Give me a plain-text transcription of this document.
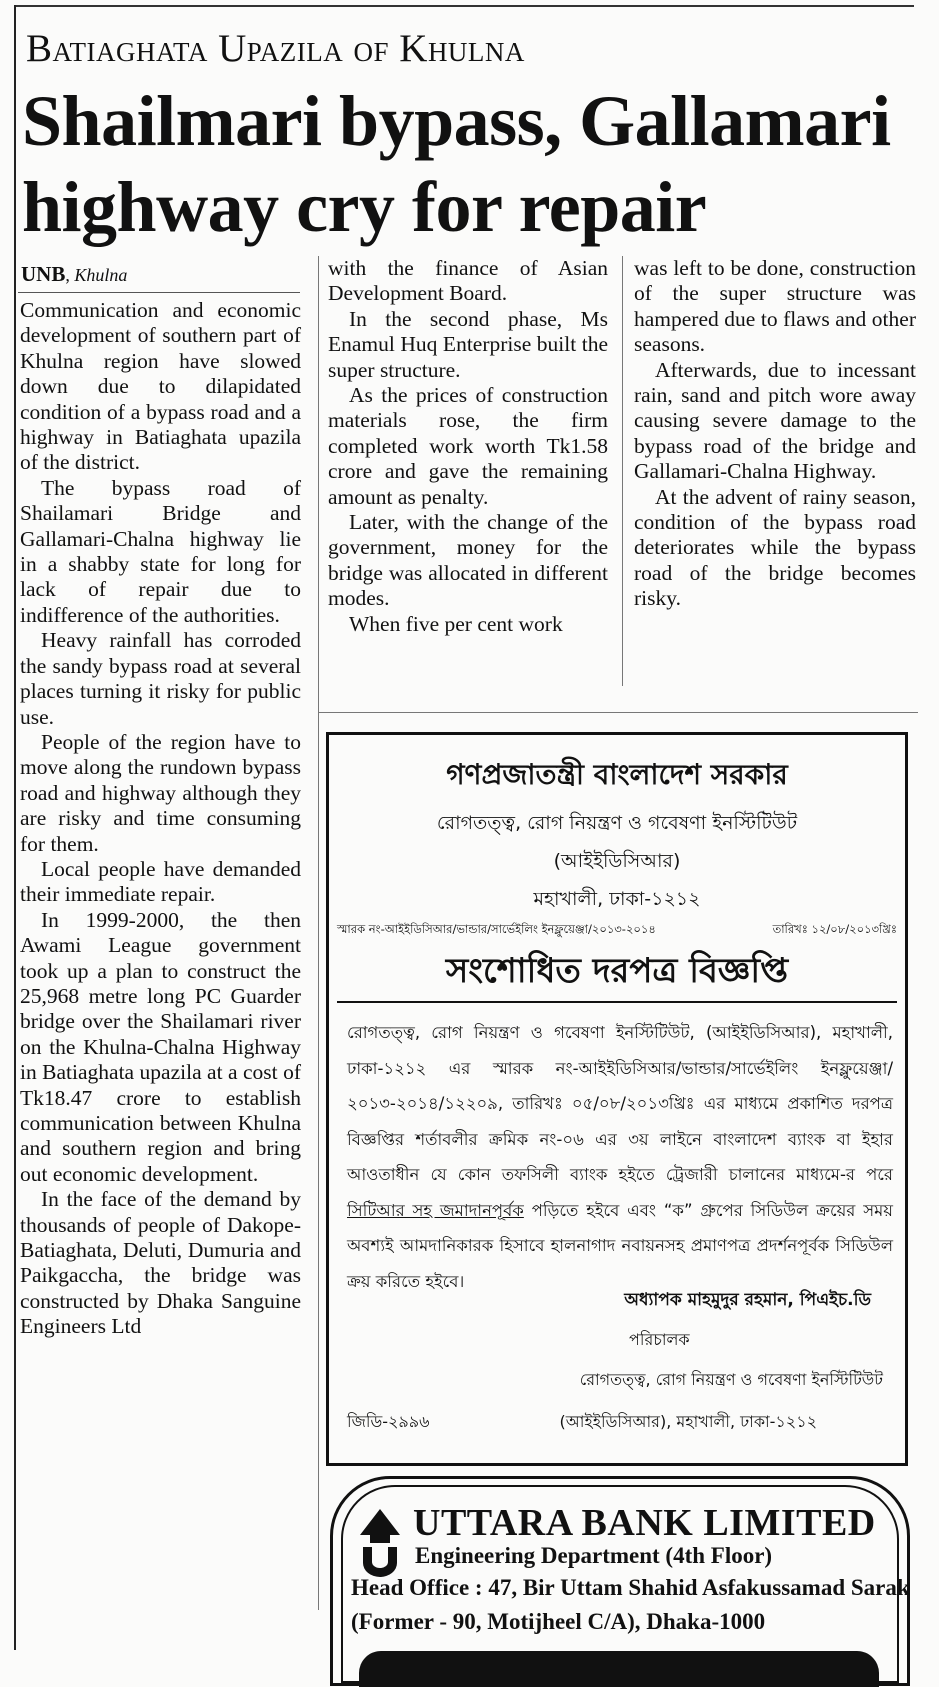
Batiaghata Upazila of Khulna
Shailmari bypass, Gallamari
highway cry for repair
UNB, Khulna

Communication and economic development of southern part of Khulna region have slowed down due to dilapidated condition of a bypass road and a highway in Batiaghata upazila of the district.

The bypass road of Shailamari Bridge and Gallamari-Chalna highway lie in a shabby state for long for lack of repair due to indifference of the authorities.

Heavy rainfall has corroded the sandy bypass road at several places turning it risky for public use.

People of the region have to move along the rundown bypass road and highway although they are risky and time consuming for them.

Local people have demanded their immediate repair.

In 1999-2000, the then Awami League government took up a plan to construct the 25,968 metre long PC Guarder bridge over the Shailamari river on the Khulna-Chalna Highway in Batiaghata upazila at a cost of Tk18.47 crore to establish communication between Khulna and southern region and bring out economic development.

In the face of the demand by thousands of people of Dakope-Batiaghata, Deluti, Dumuria and Paikgaccha, the bridge was constructed by Dhaka Sanguine Engineers Ltd

with the finance of Asian Development Board.

In the second phase, Ms Enamul Huq Enterprise built the super structure.

As the prices of construction materials rose, the firm completed work worth Tk1.58 crore and gave the remaining amount as penalty.

Later, with the change of the government, money for the bridge was allocated in different modes.

When five per cent work

was left to be done, construction of the super structure was hampered due to flaws and other seasons.

Afterwards, due to incessant rain, sand and pitch wore away causing severe damage to the bypass road of the bridge and Gallamari-Chalna Highway.

At the advent of rainy season, condition of the bypass road deteriorates while the bypass road of the bridge becomes risky.

গণপ্রজাতন্ত্রী বাংলাদেশ সরকার
রোগতত্ত্ব, রোগ নিয়ন্ত্রণ ও গবেষণা ইনস্টিটিউট
(আইইডিসিআর)
মহাখালী, ঢাকা-১২১২
স্মারক নং-আইইডিসিআর/ভান্ডার/সাৰ্ভেইলিং ইনফ্লুয়েঞ্জা/২০১৩-২০১৪	তারিখঃ ১২/০৮/২০১৩খ্রিঃ
সংশোধিত দরপত্র বিজ্ঞপ্তি
রোগতত্ত্ব, রোগ নিয়ন্ত্রণ ও গবেষণা ইনস্টিটিউট, (আইইডিসিআর), মহাখালী, ঢাকা-১২১২ এর স্মারক নং-আইইডিসিআর/ভান্ডার/সাৰ্ভেইলিং ইনফ্লুয়েঞ্জা/২০১৩-২০১৪/১২২০৯, তারিখঃ ০৫/০৮/২০১৩খ্রিঃ এর মাধ্যমে প্রকাশিত দরপত্র বিজ্ঞপ্তির শর্তাবলীর ক্রমিক নং-০৬ এর ৩য় লাইনে বাংলাদেশ ব্যাংক বা ইহার আওতাধীন যে কোন তফসিলী ব্যাংক হইতে ট্রেজারী চালানের মাধ্যমে-র পরে সিটিআর সহ জমাদানপূর্বক পড়িতে হইবে এবং “ক” গ্রুপের সিডিউল ক্রয়ের সময় অবশ্যই আমদানিকারক হিসাবে হালনাগাদ নবায়নসহ প্রমাণপত্র প্রদর্শনপূর্বক সিডিউল ক্রয় করিতে হইবে।
অধ্যাপক মাহমুদুর রহমান, পিএইচ.ডি
পরিচালক
রোগতত্ত্ব, রোগ নিয়ন্ত্রণ ও গবেষণা ইনস্টিটিউট
জিডি-২৯৯৬	(আইইডিসিআর), মহাখালী, ঢাকা-১২১২
UTTARA BANK LIMITED
Engineering Department (4th Floor)
Head Office : 47, Bir Uttam Shahid Asfakussamad Sarak
(Former - 90, Motijheel C/A), Dhaka-1000
